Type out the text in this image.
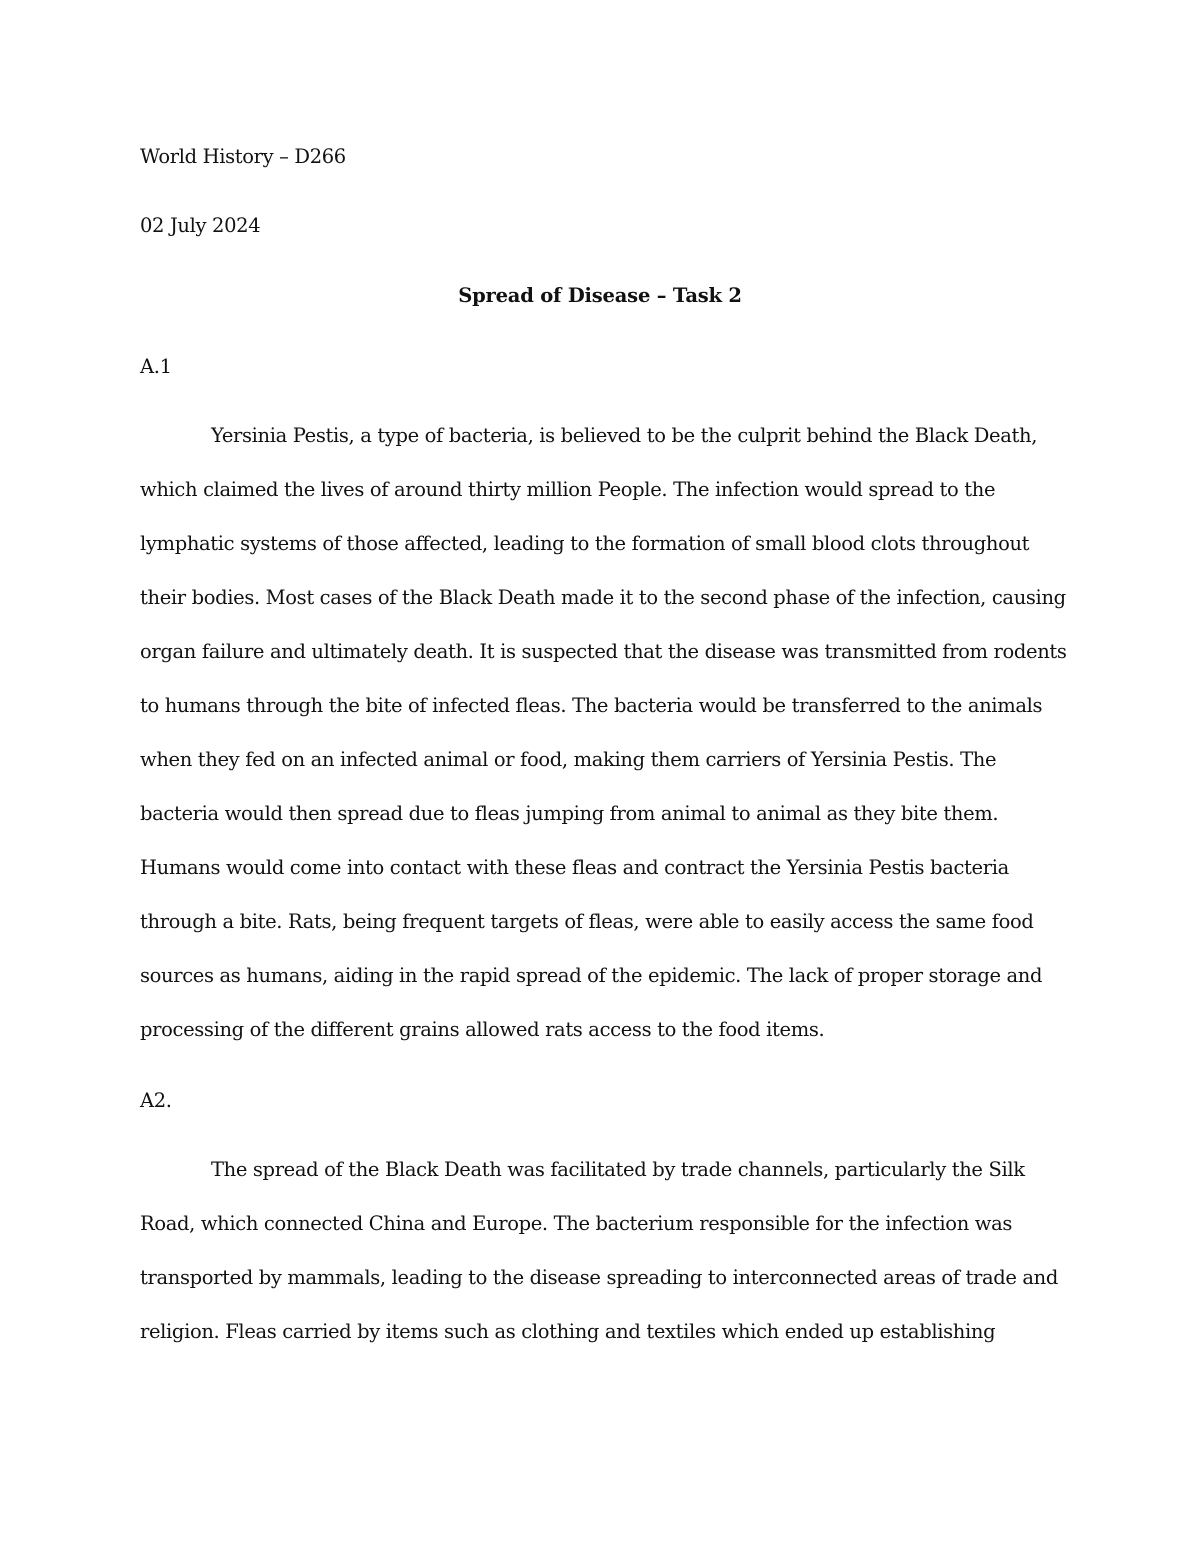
World History – D266
02 July 2024
Spread of Disease – Task 2
A.1
Yersinia Pestis, a type of bacteria, is believed to be the culprit behind the Black Death,
which claimed the lives of around thirty million People. The infection would spread to the
lymphatic systems of those affected, leading to the formation of small blood clots throughout
their bodies. Most cases of the Black Death made it to the second phase of the infection, causing
organ failure and ultimately death. It is suspected that the disease was transmitted from rodents
to humans through the bite of infected fleas. The bacteria would be transferred to the animals
when they fed on an infected animal or food, making them carriers of Yersinia Pestis. The
bacteria would then spread due to fleas jumping from animal to animal as they bite them.
Humans would come into contact with these fleas and contract the Yersinia Pestis bacteria
through a bite. Rats, being frequent targets of fleas, were able to easily access the same food
sources as humans, aiding in the rapid spread of the epidemic. The lack of proper storage and
processing of the different grains allowed rats access to the food items.
A2.
The spread of the Black Death was facilitated by trade channels, particularly the Silk
Road, which connected China and Europe. The bacterium responsible for the infection was
transported by mammals, leading to the disease spreading to interconnected areas of trade and
religion. Fleas carried by items such as clothing and textiles which ended up establishing
